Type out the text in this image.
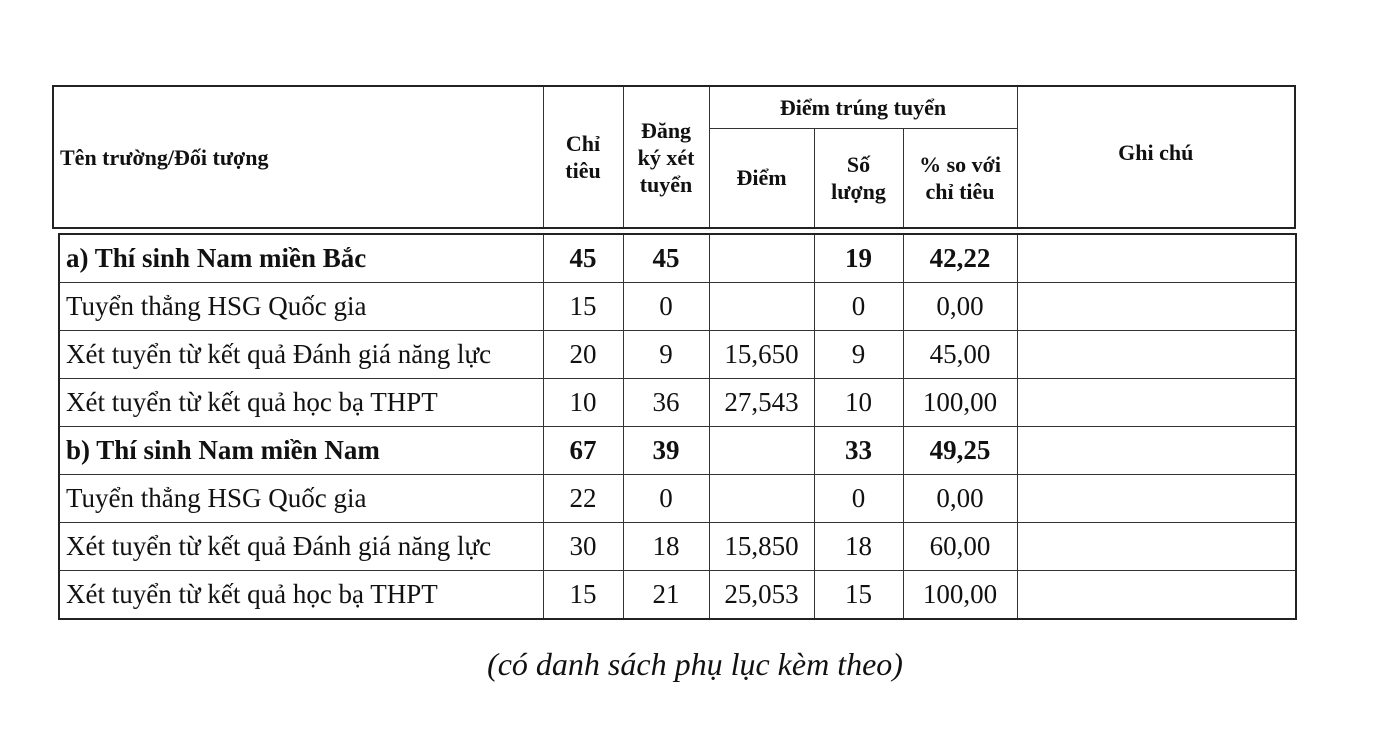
Tên trường/Đối tượng	Chỉ tiêu	Đăng ký xét tuyển	Điểm trúng tuyển			Ghi chú
			Điểm	Số lượng	% so với chỉ tiêu	
a) Thí sinh Nam miền Bắc	45	45		19	42,22	
Tuyển thẳng HSG Quốc gia	15	0		0	0,00	
Xét tuyển từ kết quả Đánh giá năng lực	20	9	15,650	9	45,00	
Xét tuyển từ kết quả học bạ THPT	10	36	27,543	10	100,00	
b) Thí sinh Nam miền Nam	67	39		33	49,25	
Tuyển thẳng HSG Quốc gia	22	0		0	0,00	
Xét tuyển từ kết quả Đánh giá năng lực	30	18	15,850	18	60,00	
Xét tuyển từ kết quả học bạ THPT	15	21	25,053	15	100,00	
(có danh sách phụ lục kèm theo)
